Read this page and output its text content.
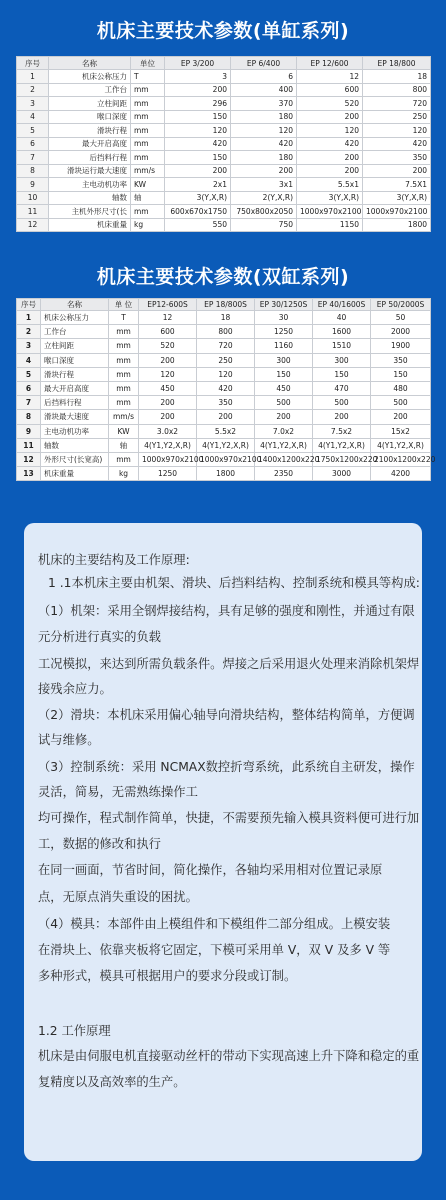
机床主要技术参数(单缸系列)
序号	名称	单位	EP 3/200	EP 6/400	EP 12/600	EP 18/800
1	机床公称压力	T	3	6	12	18
2	工作台	mm	200	400	600	800
3	立柱间距	mm	296	370	520	720
4	喉口深度	mm	150	180	200	250
5	滑块行程	mm	120	120	120	120
6	最大开启高度	mm	420	420	420	420
7	后挡料行程	mm	150	180	200	350
8	滑块运行最大速度	mm/s	200	200	200	200
9	主电动机功率	KW	2x1	3x1	5.5x1	7.5X1
10	轴数	轴	3(Y,X,R)	2(Y,X,R)	3(Y,X,R)	3(Y,X,R)
11	主机外形尺寸(长	mm	600x670x1750	750x800x2050	1000x970x2100	1000x970x2100
12	机床重量	kg	550	750	1150	1800
机床主要技术参数(双缸系列)
序号	名称	单 位	EP12-600S	EP 18/800S	EP 30/1250S	EP 40/1600S	EP 50/2000S
1	机床公称压力	T	12	18	30	40	50
2	工作台	mm	600	800	1250	1600	2000
3	立柱间距	mm	520	720	1160	1510	1900
4	喉口深度	mm	200	250	300	300	350
5	滑块行程	mm	120	120	150	150	150
6	最大开启高度	mm	450	420	450	470	480
7	后挡料行程	mm	200	350	500	500	500
8	滑块最大速度	mm/s	200	200	200	200	200
9	主电动机功率	KW	3.0x2	5.5x2	7.0x2	7.5x2	15x2
11	轴数	轴	4(Y1,Y2,X,R)	4(Y1,Y2,X,R)	4(Y1,Y2,X,R)	4(Y1,Y2,X,R)	4(Y1,Y2,X,R)
12	外形尺寸(长宽高)	mm	1000x970x2100	1000x970x2100	1400x1200x220	1750x1200x220	2100x1200x220
13	机床重量	kg	1250	1800	2350	3000	4200

机床的主要结构及工作原理:

1 .1本机床主要由机架、滑块、后挡料结构、控制系统和模具等构成:

（1）机架：采用全钢焊接结构，具有足够的强度和刚性，并通过有限

元分析进行真实的负载

工况模拟，来达到所需负载条件。焊接之后采用退火处理来消除机架焊

接残余应力。

（2）滑块：本机床采用偏心轴导向滑块结构，整体结构简单，方便调

试与维修。

（3）控制系统：采用 NCMAX数控折弯系统，此系统自主研发，操作

灵活，简易，无需熟练操作工

均可操作，程式制作简单，快捷，不需要预先输入模具资料便可进行加

工，数据的修改和执行

在同一画面，节省时间，简化操作，各轴均采用相对位置记录原

点，无原点消失重设的困扰。

（4）模具：本部件由上模组件和下模组件二部分组成。上模安装

在滑块上、依靠夹板将它固定，下模可采用单 V，双 V 及多 V 等

多种形式，模具可根据用户的要求分段或订制。

1.2 工作原理

机床是由伺服电机直接驱动丝杆的带动下实现高速上升下降和稳定的重

复精度以及高效率的生产。
